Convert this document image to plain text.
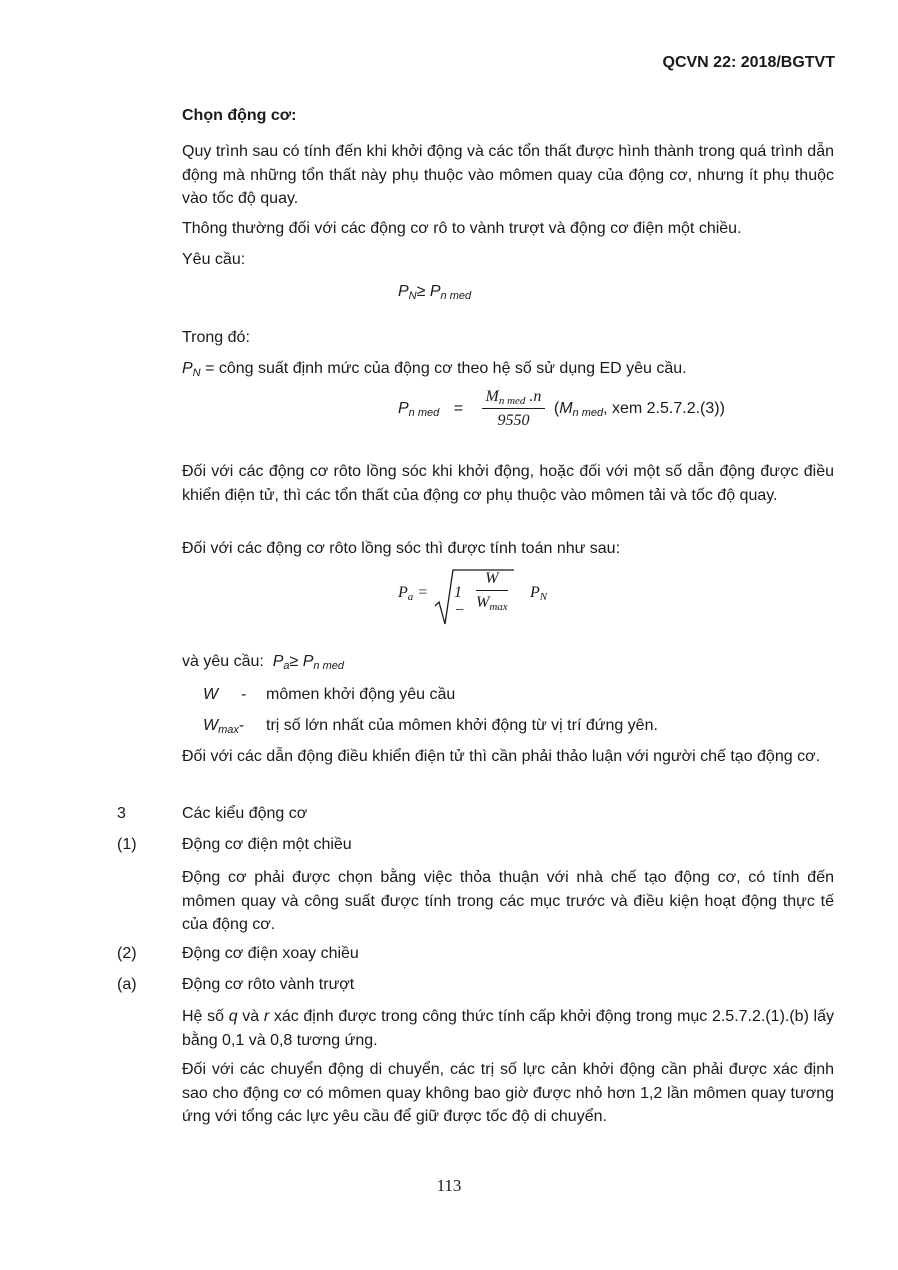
QCVN 22: 2018/BGTVT
Chọn động cơ:

Quy trình sau có tính đến khi khởi động và các tổn thất được hình thành trong quá trình dẫn động mà những tổn thất này phụ thuộc vào mômen quay của động cơ, nhưng ít phụ thuộc vào tốc độ quay.

Thông thường đối với các động cơ rô to vành trượt và động cơ điện một chiều.

Yêu cầu:

$P_N\ge P_{n med}$

Trong đó:

$P_N$ = công suất định mức của động cơ theo hệ số sử dụng ED yêu cầu.

$P_{n med} = \frac{M_{n med} .n}{9550} (M_{n med}$, xem 2.5.7.2.(3))

Đối với các động cơ rôto lồng sóc khi khởi động, hoặc đối với một số dẫn động được điều khiển điện tử, thì các tổn thất của động cơ phụ thuộc vào mômen tải và tốc độ quay.

Đối với các động cơ rôto lồng sóc thì được tính toán như sau:

$P_a = 1$ −
W
$W_{max}$
$P_N$

và yêu cầu: $P_a\ge P_{n med}$

W - mômen khởi động yêu cầu
$W_{max}-$ trị số lớn nhất của mômen khởi động từ vị trí đứng yên.

Đối với các dẫn động điều khiển điện tử thì cần phải thảo luận với người chế tạo động cơ.

3	Các kiểu động cơ
(1)	Động cơ điện một chiều

Động cơ phải được chọn bằng việc thỏa thuận với nhà chế tạo động cơ, có tính đến mômen quay và công suất được tính trong các mục trước và điều kiện hoạt động thực tế của động cơ.

(2)	Động cơ điện xoay chiều
(a)	Động cơ rôto vành trượt

Hệ số q và r xác định được trong công thức tính cấp khởi động trong mục 2.5.7.2.(1).(b) lấy bằng 0,1 và 0,8 tương ứng.

Đối với các chuyển động di chuyển, các trị số lực cản khởi động cần phải được xác định sao cho động cơ có mômen quay không bao giờ được nhỏ hơn 1,2 lần mômen quay tương ứng với tổng các lực yêu cầu để giữ được tốc độ di chuyển.

113
